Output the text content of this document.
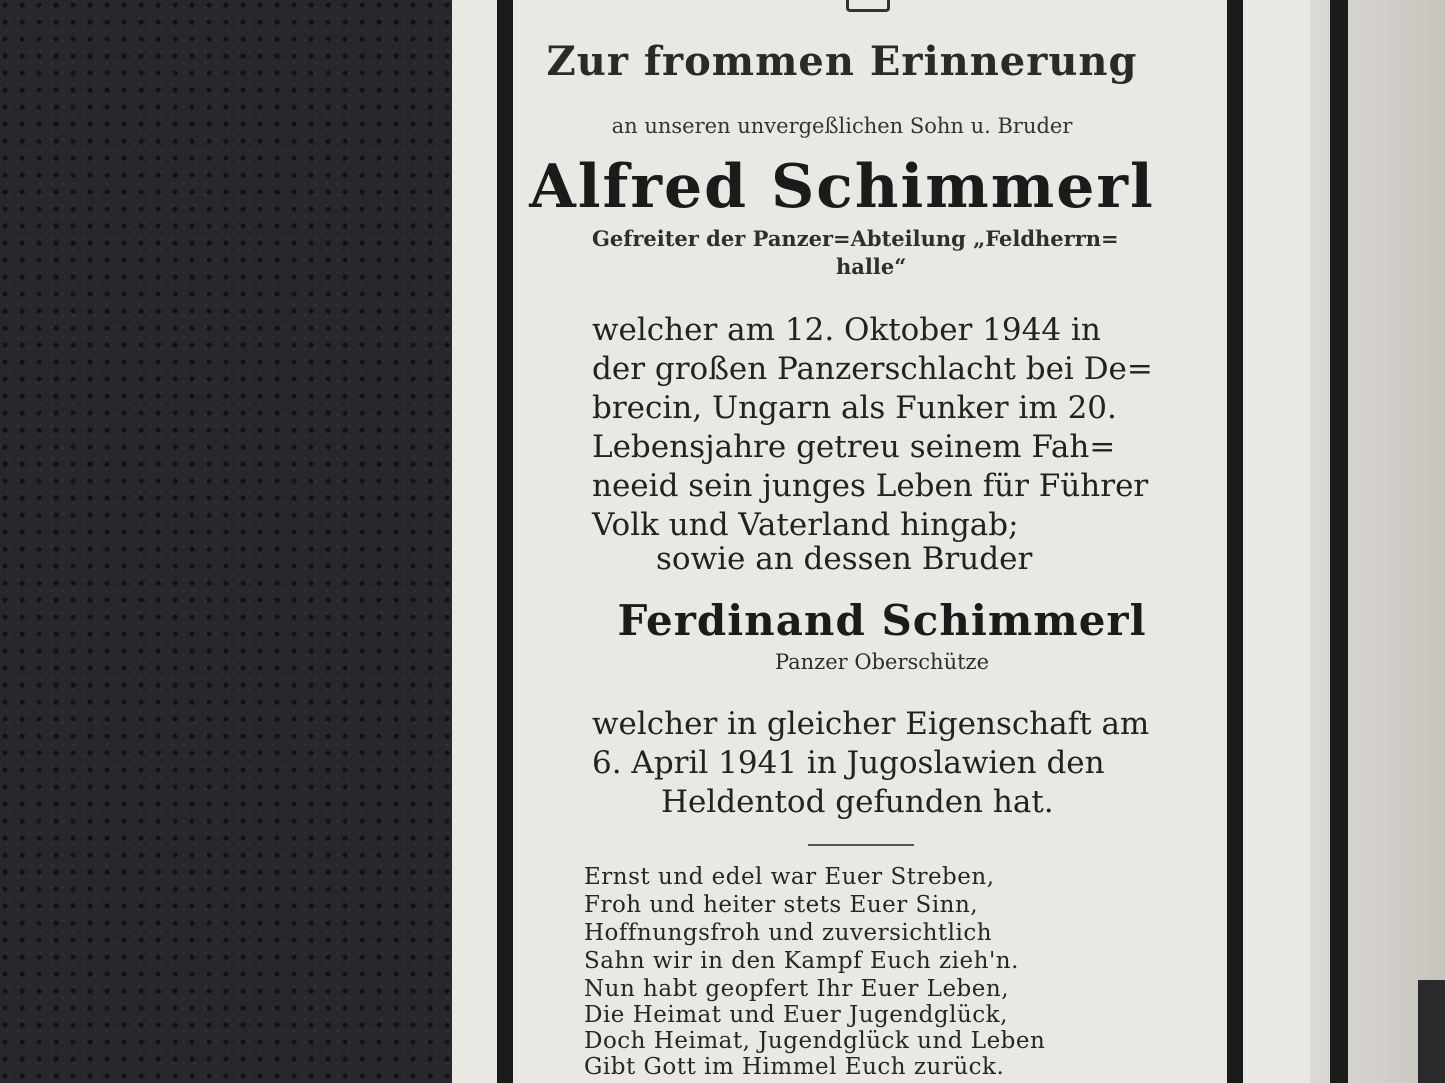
Zur frommen Erinnerung
an unseren unvergeßlichen Sohn u. Bruder
Alfred Schimmerl
Gefreiter der Panzer=Abteilung „Feldherrn=
halle“
welcher am 12. Oktober 1944 in
der großen Panzerschlacht bei De=
brecin, Ungarn als Funker im 20.
Lebensjahre getreu seinem Fah=
neeid sein junges Leben für Führer
Volk und Vaterland hingab;
sowie an dessen Bruder
Ferdinand Schimmerl
Panzer Oberschütze
welcher in gleicher Eigenschaft am
6. April 1941 in Jugoslawien den
Heldentod gefunden hat.
Ernst und edel war Euer Streben,
Froh und heiter stets Euer Sinn,
Hoffnungsfroh und zuversichtlich
Sahn wir in den Kampf Euch zieh'n.
Nun habt geopfert Ihr Euer Leben,
Die Heimat und Euer Jugendglück,
Doch Heimat, Jugendglück und Leben
Gibt Gott im Himmel Euch zurück.
